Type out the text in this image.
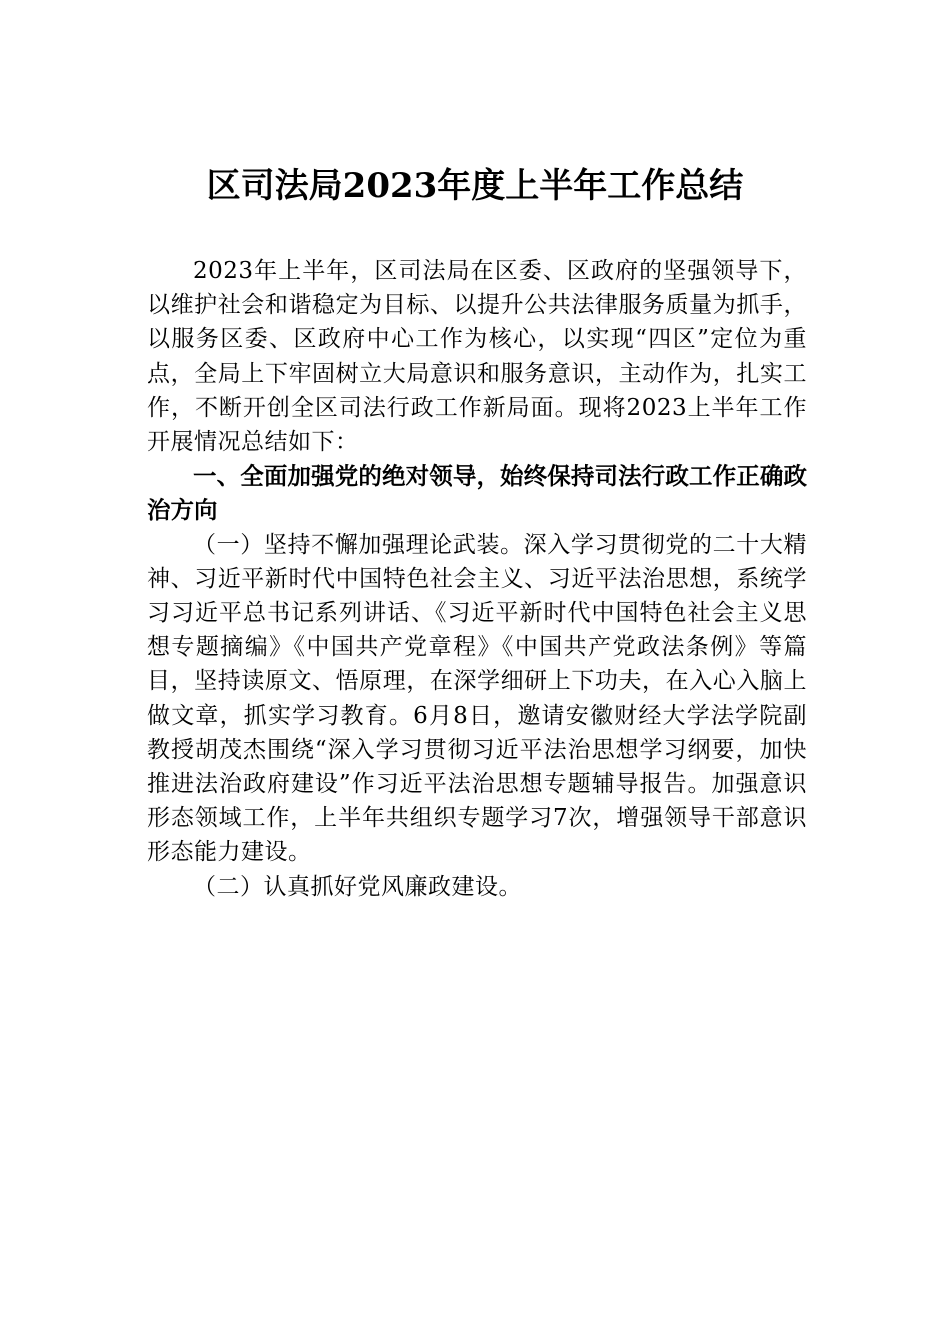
区司法局2023年度上半年工作总结

2023年上半年，区司法局在区委、区政府的坚强领导下，以维护社会和谐稳定为目标、以提升公共法律服务质量为抓手，以服务区委、区政府中心工作为核心，以实现“四区”定位为重点，全局上下牢固树立大局意识和服务意识，主动作为，扎实工作，不断开创全区司法行政工作新局面。现将2023上半年工作开展情况总结如下：

一、全面加强党的绝对领导，始终保持司法行政工作正确政治方向

（一）坚持不懈加强理论武装。深入学习贯彻党的二十大精神、习近平新时代中国特色社会主义、习近平法治思想，系统学习习近平总书记系列讲话、《习近平新时代中国特色社会主义思想专题摘编》《中国共产党章程》《中国共产党政法条例》等篇目，坚持读原文、悟原理，在深学细研上下功夫，在入心入脑上做文章，抓实学习教育。6月8日，邀请安徽财经大学法学院副教授胡茂杰围绕“深入学习贯彻习近平法治思想学习纲要，加快推进法治政府建设”作习近平法治思想专题辅导报告。加强意识形态领域工作，上半年共组织专题学习7次，增强领导干部意识形态能力建设。

（二）认真抓好党风廉政建设。
